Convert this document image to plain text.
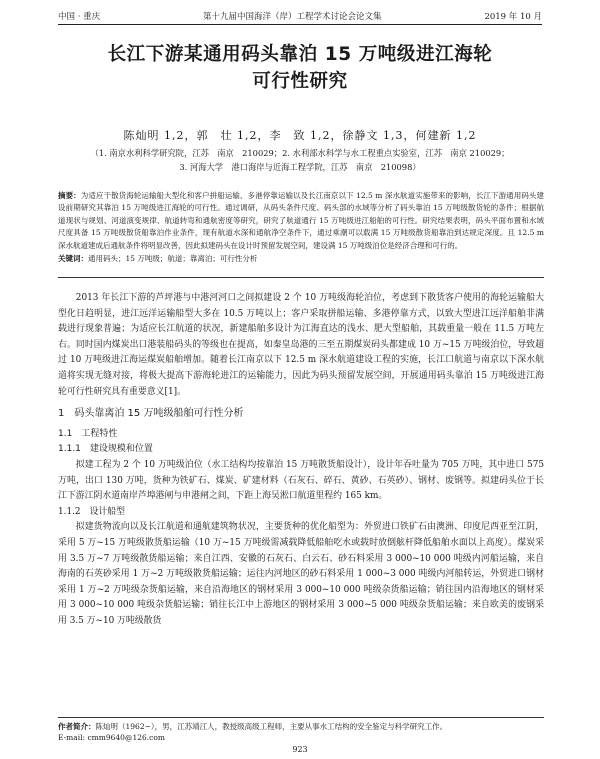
中国 · 重庆	第十九届中国海洋（岸）工程学术讨论会论文集	2019 年 10 月
长江下游某通用码头靠泊 15 万吨级进江海轮
可行性研究
陈灿明 1,2，郭　壮 1,2，李　致 1,2，徐静文 1,3，何建新 1,2
（1. 南京水利科学研究院，江苏　南京　210029；2. 水利部水科学与水工程重点实验室，江苏　南京 210029；
3. 河海大学　港口海岸与近海工程学院，江苏　南京　210098）
摘要：为适应干散货海轮运输船大型化和客户拼船运输、多港停靠运输以及长江南京以下 12.5 m 深水航道实施带来的影响，长江下游通用码头建设前期研究其靠泊 15 万吨级进江海轮的可行性。通过调研，从码头条件尺度、码头部的水域等分析了码头靠泊 15 万吨级散货轮的条件；根据航道现状与规划、河道演变规律、航道转弯和通航密度等研究，研究了航道通行 15 万吨级进江船舶的可行性。研究结果表明，码头平面布置和水域尺度具备 15 万吨级散货船靠泊作业条件，现有航道水深和通航净空条件下，通过乘潮可以载满 15 万吨级散货船靠泊到达规定深度。且 12.5 m 深水航道建成后通航条件将明显改善，因此拟建码头在设计时预留发展空间，建设满 15 万吨级泊位是经济合理和可行的。
关键词：通用码头；15 万吨级；航道；靠离泊；可行性分析

2013 年长江下游的芦坪港与中港河河口之间拟建设 2 个 10 万吨级海轮泊位，考虑到下散货客户使用的海轮运输船大型化日趋明显，进江远洋运输船型大多在 10.5 万吨以上；客户采取拼船运输、多港停靠方式，以致大型进江远洋船舶非满载进行现象普遍；为适应长江航道的状况，新建船舶多设计为江海直达的浅水、肥大型船舶，其载重量一般在 11.5 万吨左右。同时国内煤炭出口港装船码头的等级也在提高，如秦皇岛港的三至五期煤炭码头都建成 10 万~15 万吨级泊位，导致超过 10 万吨级进江海运煤炭船舶增加。随着长江南京以下 12.5 m 深水航道建设工程的实施，长江口航道与南京以下深水航道将实现无缝对接，将极大提高下游海轮进江的运输能力，因此为码头预留发展空间，开展通用码头靠泊 15 万吨级进江海轮可行性研究具有重要意义[1]。

1　码头靠离泊 15 万吨级船舶可行性分析
1.1　工程特性
1.1.1　建设规模和位置

拟建工程为 2 个 10 万吨级泊位（水工结构均按靠泊 15 万吨散货船设计），设计年吞吐量为 705 万吨，其中进口 575 万吨，出口 130 万吨，货种为铁矿石、煤炭、矿建材料（石灰石、碎石、黄砂、石英砂）、钢材、废钢等。拟建码头位于长江下游江阴水道南岸芦埠港闸与申港闸之间，下距上海吴淞口航道里程约 165 km。

1.1.2　设计船型

拟建货物流向以及长江航道和通航建筑物状况，主要货种的优化船型为：外贸进口铁矿石由澳洲、印度尼西亚至江阴，采用 5 万~15 万吨级散货船运输（10 万~15 万吨级需减载降低船舶吃水或载时放倒舷杆降低船舶水面以上高度）。煤炭采用 3.5 万~7 万吨级散货船运输；来自江西、安徽的石灰石、白云石、砂石料采用 3 000~10 000 吨级内河船运输，来自海南的石英砂采用 1 万~2 万吨级散货船运输；运往内河地区的砂石料采用 1 000~3 000 吨级内河船转运，外贸进口钢材采用 1 万~2 万吨级杂货船运输，来自沿海地区的钢材采用 3 000~10 000 吨级杂货船运输；销往国内沿海地区的钢材采用 3 000~10 000 吨级杂货船运输；销往长江中上游地区的钢材采用 3 000~5 000 吨级杂货船运输；来自欧美的废钢采用 3.5 万~10 万吨级散货

作者简介：陈灿明（1962~），男，江苏靖江人，教授级高级工程师，主要从事水工结构的安全鉴定与科学研究工作。
E-mail: cmm9640@126.com
923
